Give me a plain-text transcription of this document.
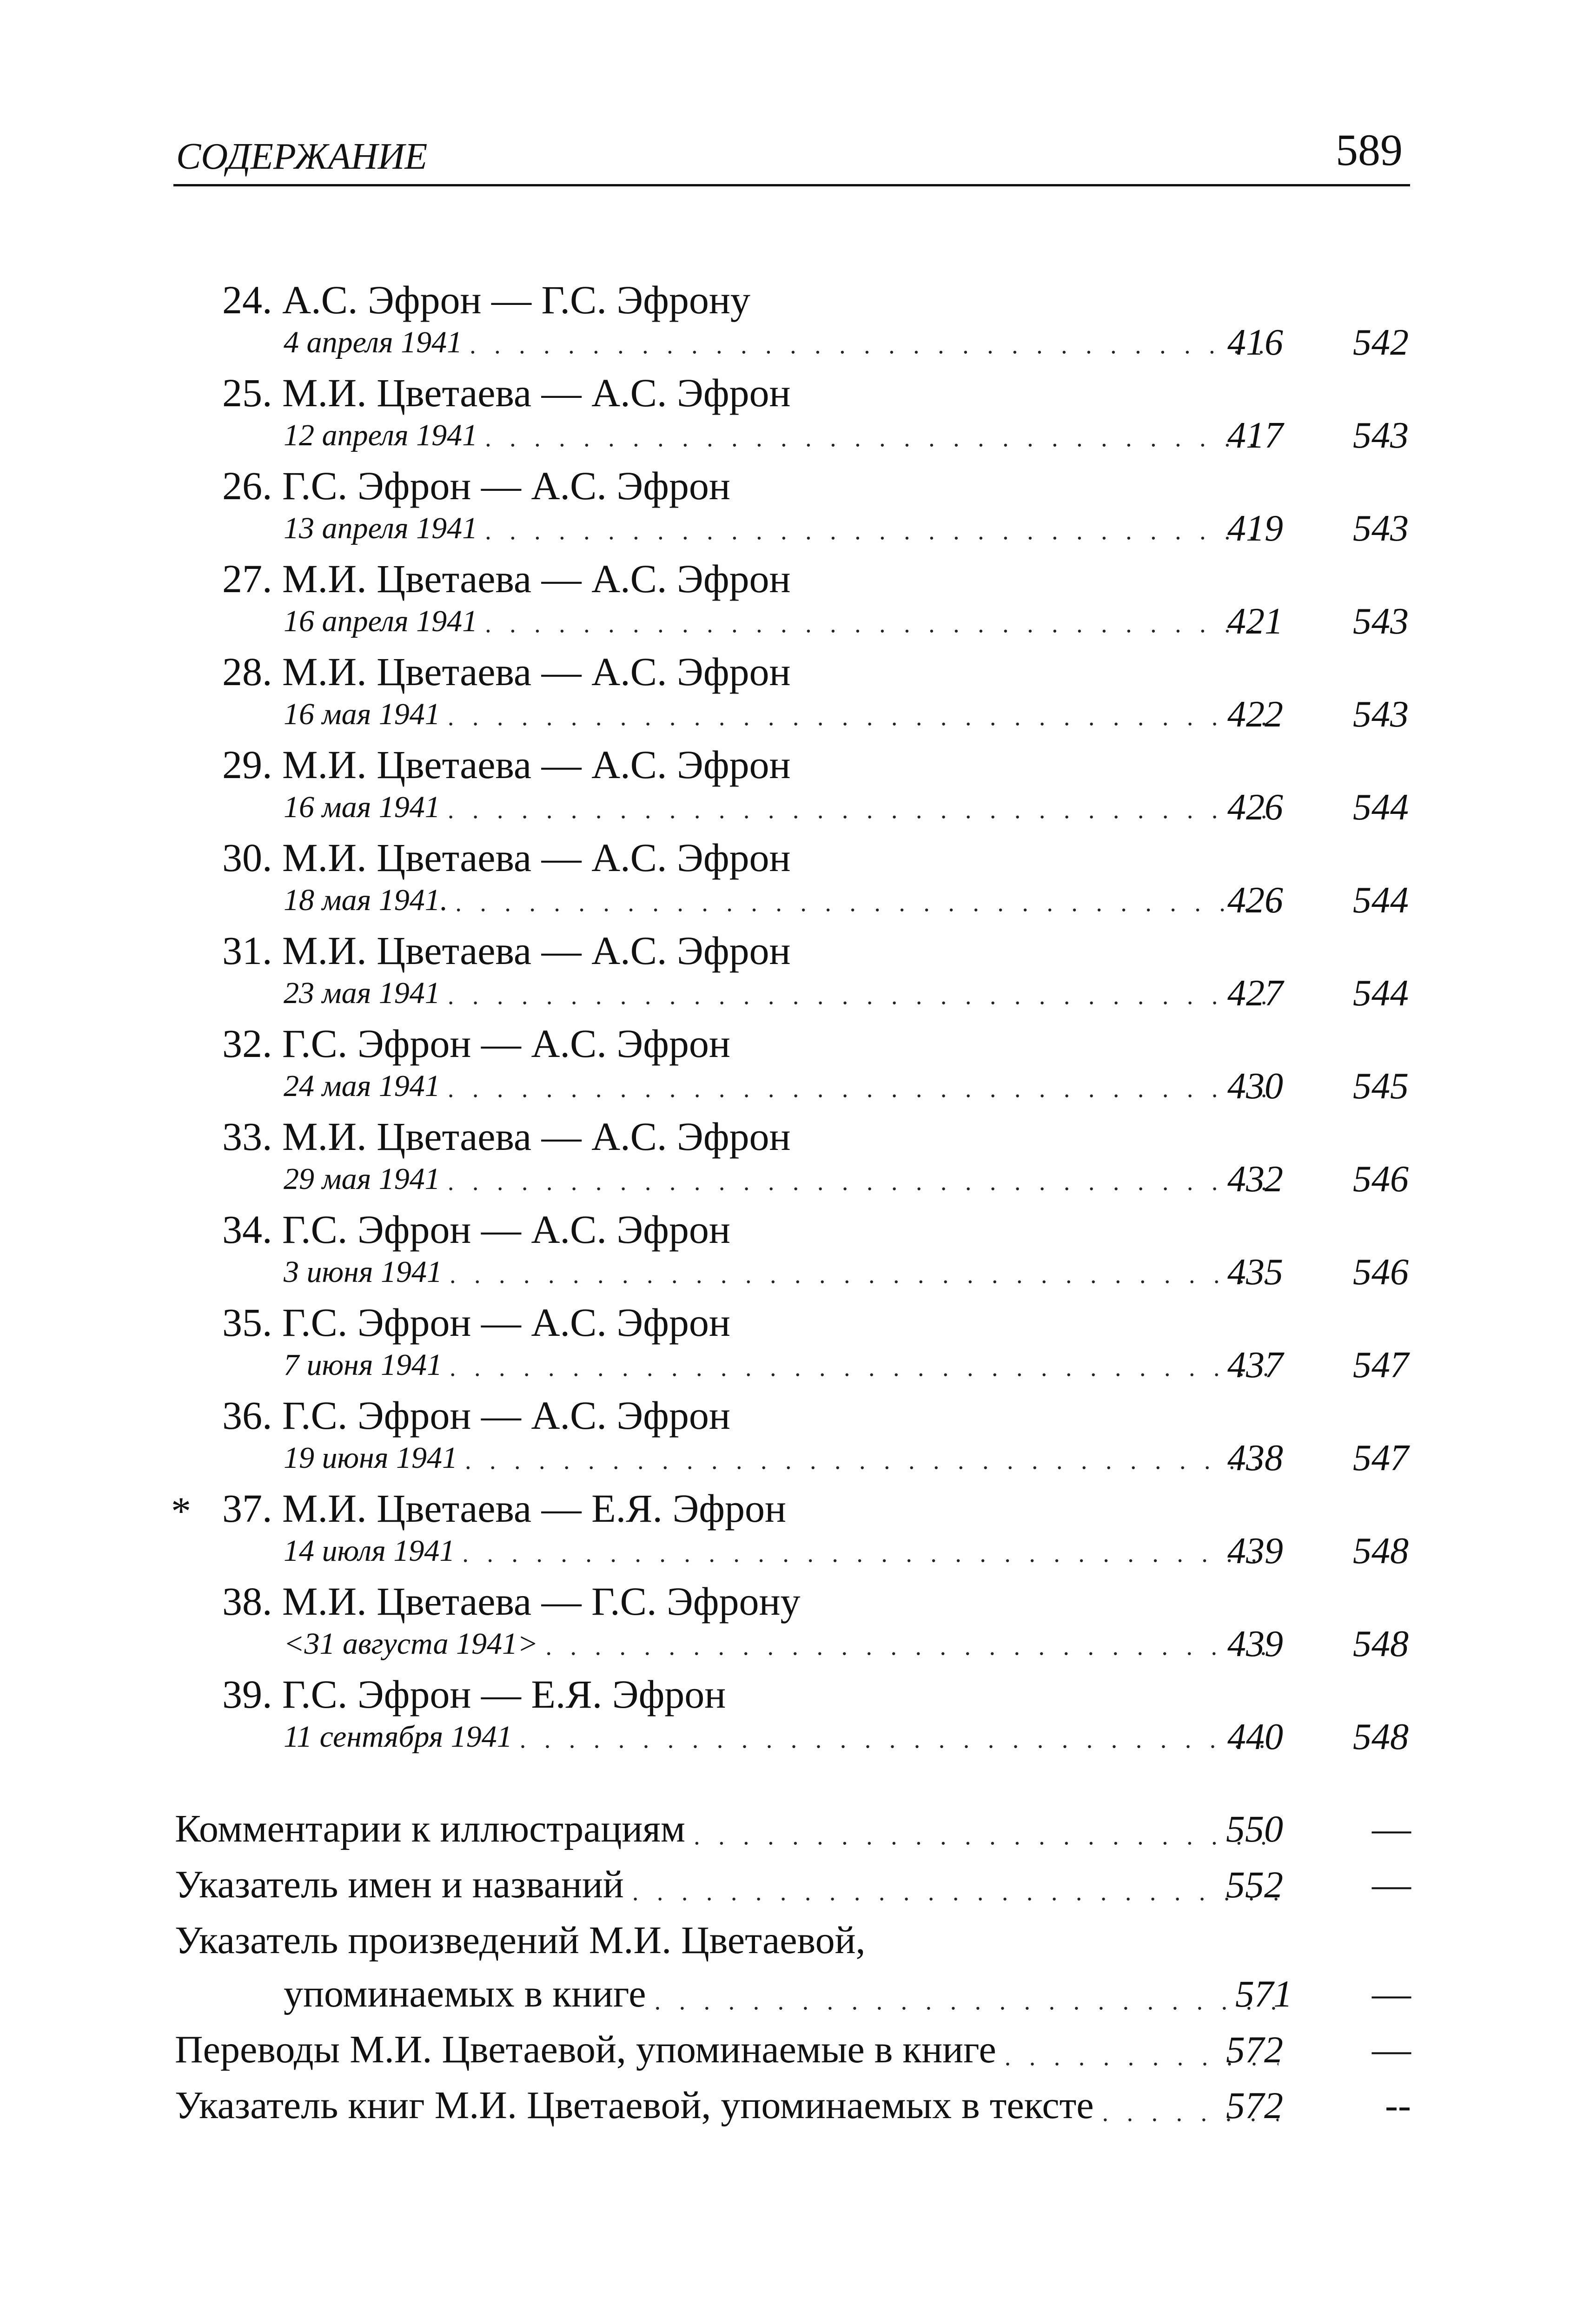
СОДЕРЖАНИЕ	589
24. А.С. Эфрон — Г.С. Эфрону
4 апреля 1941 . . .	416	542
25. М.И. Цветаева — А.С. Эфрон
12 апреля 1941 . . .	417	543
26. Г.С. Эфрон — А.С. Эфрон
13 апреля 1941 . . .	419	543
27. М.И. Цветаева — А.С. Эфрон
16 апреля 1941 . . .	421	543
28. М.И. Цветаева — А.С. Эфрон
16 мая 1941 . . .	422	543
29. М.И. Цветаева — А.С. Эфрон
16 мая 1941 . . .	426	544
30. М.И. Цветаева — А.С. Эфрон
18 мая 1941. . . .	426	544
31. М.И. Цветаева — А.С. Эфрон
23 мая 1941 . . .	427	544
32. Г.С. Эфрон — А.С. Эфрон
24 мая 1941 . . .	430	545
33. М.И. Цветаева — А.С. Эфрон
29 мая 1941 . . .	432	546
34. Г.С. Эфрон — А.С. Эфрон
3 июня 1941 . . .	435	546
35. Г.С. Эфрон — А.С. Эфрон
7 июня 1941 . . .	437	547
36. Г.С. Эфрон — А.С. Эфрон
19 июня 1941 . . .	438	547
* 37. М.И. Цветаева — Е.Я. Эфрон
14 июля 1941 . . .	439	548
38. М.И. Цветаева — Г.С. Эфрону
<31 августа 1941> . . .	439	548
39. Г.С. Эфрон — Е.Я. Эфрон
11 сентября 1941 . . .	440	548
Комментарии к иллюстрациям . . .	550 —
Указатель имен и названий . . .	552 —
Указатель произведений М.И. Цветаевой,
упоминаемых в книге . . .	571 —
Переводы М.И. Цветаевой, упоминаемые в книге . . .	572 —
Указатель книг М.И. Цветаевой, упоминаемых в тексте . . .	572	--
